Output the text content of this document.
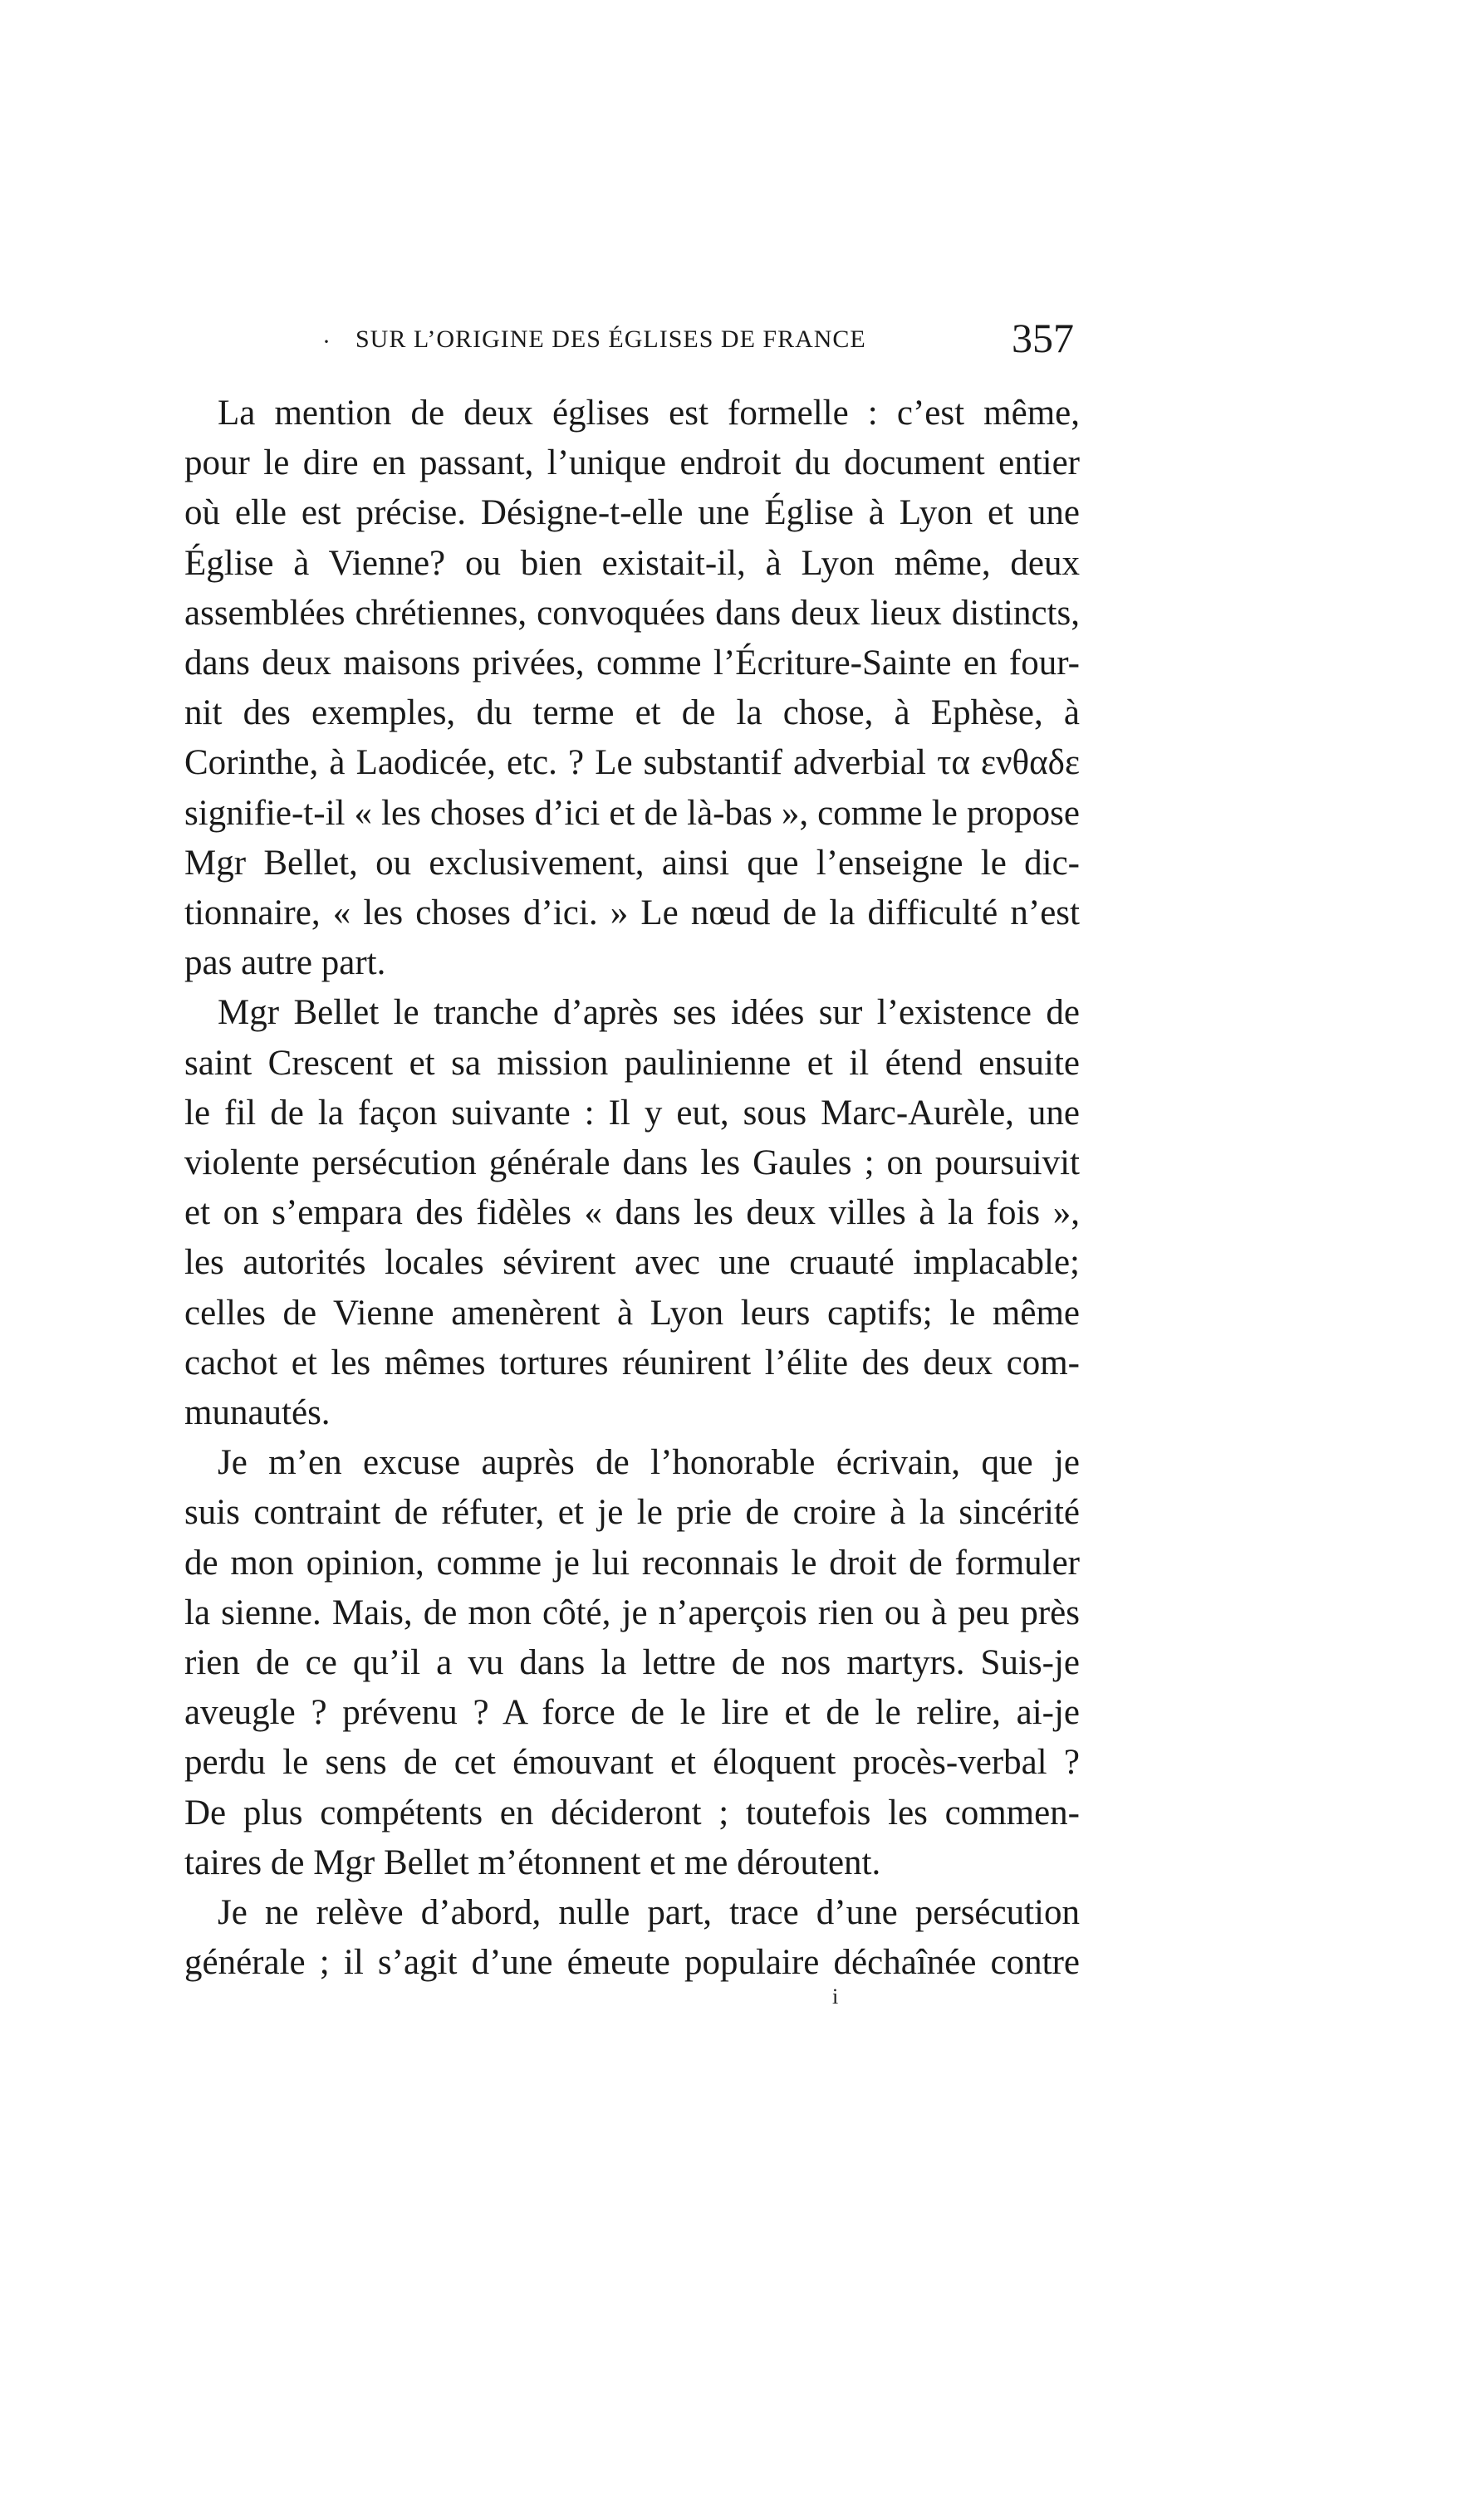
· SUR L’ORIGINE DES ÉGLISES DE FRANCE	357
La mention de deux églises est formelle : c’est même,
pour le dire en passant, l’unique endroit du document entier
où elle est précise. Désigne-t-elle une Église à Lyon et une
Église à Vienne? ou bien existait-il, à Lyon même, deux
assemblées chrétiennes, convoquées dans deux lieux distincts,
dans deux maisons privées, comme l’Écriture-Sainte en four-
nit des exemples, du terme et de la chose, à Ephèse, à
Corinthe, à Laodicée, etc. ? Le substantif adverbial τα ενθαδε
signifie-t-il « les choses d’ici et de là-bas », comme le propose
Mgr Bellet, ou exclusivement, ainsi que l’enseigne le dic-
tionnaire, « les choses d’ici. » Le nœud de la difficulté n’est
pas autre part.
Mgr Bellet le tranche d’après ses idées sur l’existence de
saint Crescent et sa mission paulinienne et il étend ensuite
le fil de la façon suivante : Il y eut, sous Marc-Aurèle, une
violente persécution générale dans les Gaules ; on poursuivit
et on s’empara des fidèles « dans les deux villes à la fois »,
les autorités locales sévirent avec une cruauté implacable;
celles de Vienne amenèrent à Lyon leurs captifs; le même
cachot et les mêmes tortures réunirent l’élite des deux com-
munautés.
Je m’en excuse auprès de l’honorable écrivain, que je
suis contraint de réfuter, et je le prie de croire à la sincérité
de mon opinion, comme je lui reconnais le droit de formuler
la sienne. Mais, de mon côté, je n’aperçois rien ou à peu près
rien de ce qu’il a vu dans la lettre de nos martyrs. Suis-je
aveugle ? prévenu ? A force de le lire et de le relire, ai-je
perdu le sens de cet émouvant et éloquent procès-verbal ?
De plus compétents en décideront ; toutefois les commen-
taires de Mgr Bellet m’étonnent et me déroutent.
Je ne relève d’abord, nulle part, trace d’une persécution
générale ; il s’agit d’une émeute populaire déchaînée contre
i
